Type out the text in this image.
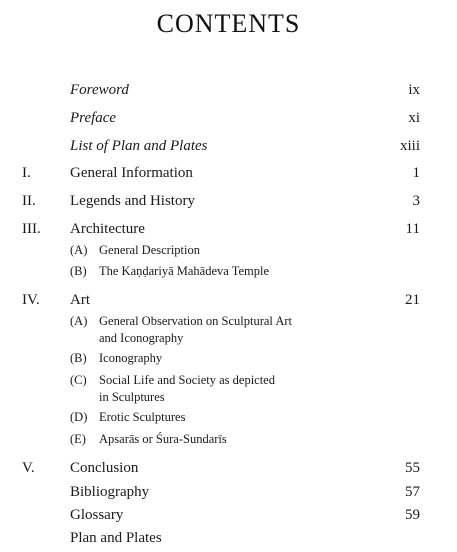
CONTENTS
Foreword	ix
Preface	xi
List of Plan and Plates	xiii
I.	General Information	1
II. Legends and History	3
III. Architecture	11
(A) General Description
(B) The Kaṇḍariyā Mahādeva Temple
IV. Art	21
(A) General Observation on Sculptural Art
and Iconography
(B) Iconography
(C) Social Life and Society as depicted
in Sculptures
(D) Erotic Sculptures
(E) Apsarās or Śura-Sundarīs
V. Conclusion	55
Bibliography	57
Glossary	59
Plan and Plates
